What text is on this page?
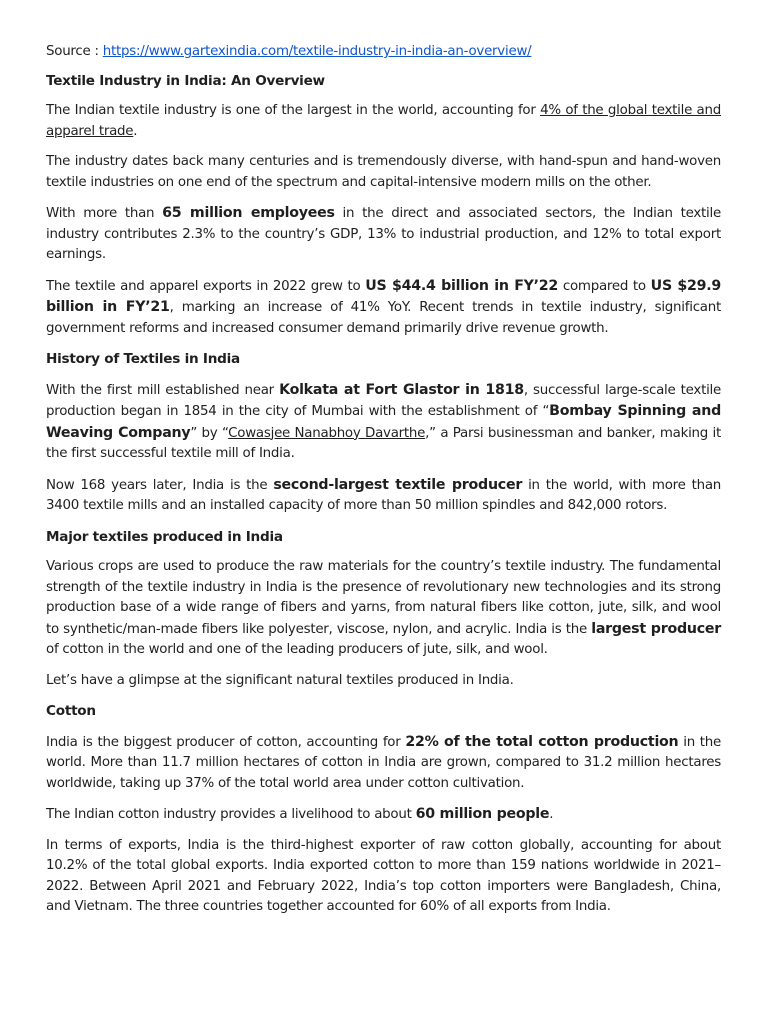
Source : https://www.gartexindia.com/textile-industry-in-india-an-overview/

Textile Industry in India: An Overview

The Indian textile industry is one of the largest in the world, accounting for 4% of the global textile and apparel trade.

The industry dates back many centuries and is tremendously diverse, with hand-spun and hand-woven textile industries on one end of the spectrum and capital-intensive modern mills on the other.

With more than 65 million employees in the direct and associated sectors, the Indian textile industry contributes 2.3% to the country’s GDP, 13% to industrial production, and 12% to total export earnings.

The textile and apparel exports in 2022 grew to US $44.4 billion in FY’22 compared to US $29.9 billion in FY’21, marking an increase of 41% YoY. Recent trends in textile industry, significant government reforms and increased consumer demand primarily drive revenue growth.

History of Textiles in India

With the first mill established near Kolkata at Fort Glastor in 1818, successful large-scale textile production began in 1854 in the city of Mumbai with the establishment of “Bombay Spinning and Weaving Company” by “Cowasjee Nanabhoy Davarthe,” a Parsi businessman and banker, making it the first successful textile mill of India.

Now 168 years later, India is the second-largest textile producer in the world, with more than 3400 textile mills and an installed capacity of more than 50 million spindles and 842,000 rotors.

Major textiles produced in India

Various crops are used to produce the raw materials for the country’s textile industry. The fundamental strength of the textile industry in India is the presence of revolutionary new technologies and its strong production base of a wide range of fibers and yarns, from natural fibers like cotton, jute, silk, and wool to synthetic/man-made fibers like polyester, viscose, nylon, and acrylic. India is the largest producer of cotton in the world and one of the leading producers of jute, silk, and wool.

Let’s have a glimpse at the significant natural textiles produced in India.

Cotton

India is the biggest producer of cotton, accounting for 22% of the total cotton production in the world. More than 11.7 million hectares of cotton in India are grown, compared to 31.2 million hectares worldwide, taking up 37% of the total world area under cotton cultivation.

The Indian cotton industry provides a livelihood to about 60 million people.

In terms of exports, India is the third-highest exporter of raw cotton globally, accounting for about 10.2% of the total global exports. India exported cotton to more than 159 nations worldwide in 2021–2022. Between April 2021 and February 2022, India’s top cotton importers were Bangladesh, China, and Vietnam. The three countries together accounted for 60% of all exports from India.
